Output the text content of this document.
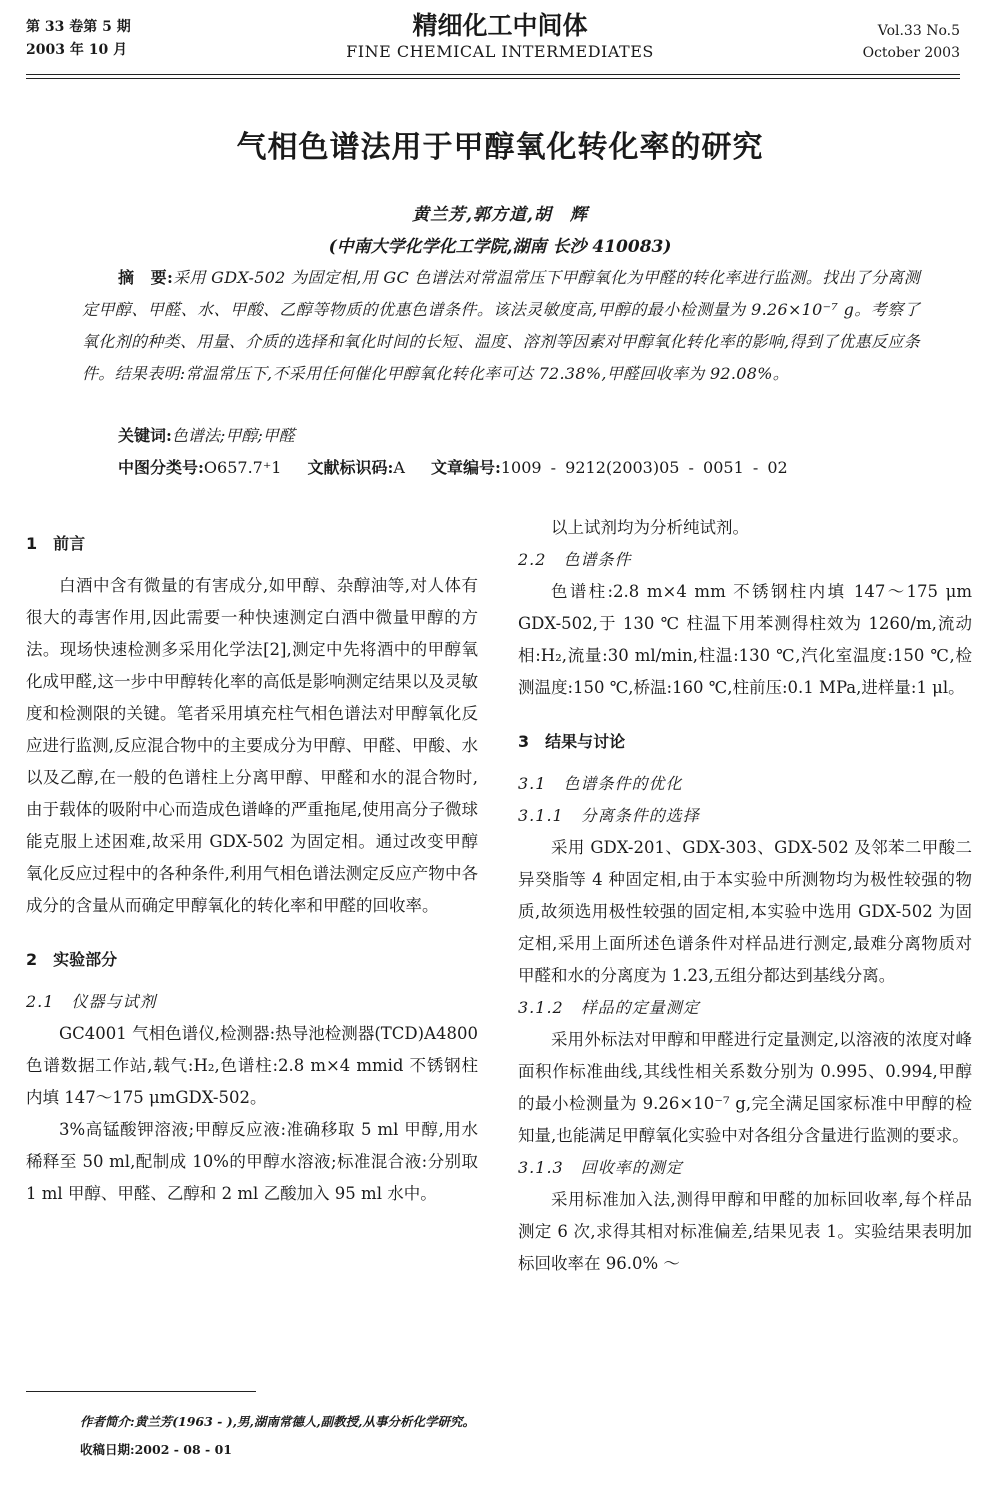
第 33 卷第 5 期
2003 年 10 月
精细化工中间体
FINE CHEMICAL INTERMEDIATES
Vol.33 No.5
October 2003
气相色谱法用于甲醇氧化转化率的研究
黄兰芳,郭方道,胡　辉
(中南大学化学化工学院,湖南 长沙 410083)
摘　要:采用 GDX-502 为固定相,用 GC 色谱法对常温常压下甲醇氧化为甲醛的转化率进行监测。找出了分离测定甲醇、甲醛、水、甲酸、乙醇等物质的优惠色谱条件。该法灵敏度高,甲醇的最小检测量为 9.26×10⁻⁷ g。考察了氧化剂的种类、用量、介质的选择和氧化时间的长短、温度、溶剂等因素对甲醇氧化转化率的影响,得到了优惠反应条件。结果表明:常温常压下,不采用任何催化甲醇氧化转化率可达 72.38%,甲醛回收率为 92.08%。
关键词:色谱法;甲醇;甲醛
中图分类号:O657.7⁺1 文献标识码:A 文章编号:1009 - 9212(2003)05 - 0051 - 02
1　前言

白酒中含有微量的有害成分,如甲醇、杂醇油等,对人体有很大的毒害作用,因此需要一种快速测定白酒中微量甲醇的方法。现场快速检测多采用化学法[2],测定中先将酒中的甲醇氧化成甲醛,这一步中甲醇转化率的高低是影响测定结果以及灵敏度和检测限的关键。笔者采用填充柱气相色谱法对甲醇氧化反应进行监测,反应混合物中的主要成分为甲醇、甲醛、甲酸、水以及乙醇,在一般的色谱柱上分离甲醇、甲醛和水的混合物时,由于载体的吸附中心而造成色谱峰的严重拖尾,使用高分子微球能克服上述困难,故采用 GDX-502 为固定相。通过改变甲醇氧化反应过程中的各种条件,利用气相色谱法测定反应产物中各成分的含量从而确定甲醇氧化的转化率和甲醛的回收率。

2　实验部分
2.1　仪器与试剂

GC4001 气相色谱仪,检测器:热导池检测器(TCD)A4800 色谱数据工作站,载气:H₂,色谱柱:2.8 m×4 mmid 不锈钢柱内填 147～175 μmGDX-502。

3%高锰酸钾溶液;甲醇反应液:准确移取 5 ml 甲醇,用水稀释至 50 ml,配制成 10%的甲醇水溶液;标准混合液:分别取 1 ml 甲醇、甲醛、乙醇和 2 ml 乙酸加入 95 ml 水中。

以上试剂均为分析纯试剂。

2.2　色谱条件

色谱柱:2.8 m×4 mm 不锈钢柱内填 147～175 μm GDX-502,于 130 ℃ 柱温下用苯测得柱效为 1260/m,流动相:H₂,流量:30 ml/min,柱温:130 ℃,汽化室温度:150 ℃,检测温度:150 ℃,桥温:160 ℃,柱前压:0.1 MPa,进样量:1 μl。

3　结果与讨论
3.1　色谱条件的优化
3.1.1　分离条件的选择

采用 GDX-201、GDX-303、GDX-502 及邻苯二甲酸二异癸脂等 4 种固定相,由于本实验中所测物均为极性较强的物质,故须选用极性较强的固定相,本实验中选用 GDX-502 为固定相,采用上面所述色谱条件对样品进行测定,最难分离物质对甲醛和水的分离度为 1.23,五组分都达到基线分离。

3.1.2　样品的定量测定

采用外标法对甲醇和甲醛进行定量测定,以溶液的浓度对峰面积作标准曲线,其线性相关系数分别为 0.995、0.994,甲醇的最小检测量为 9.26×10⁻⁷ g,完全满足国家标准中甲醇的检知量,也能满足甲醇氧化实验中对各组分含量进行监测的要求。

3.1.3　回收率的测定

采用标准加入法,测得甲醇和甲醛的加标回收率,每个样品测定 6 次,求得其相对标准偏差,结果见表 1。实验结果表明加标回收率在 96.0% ～

作者简介:黄兰芳(1963 - ),男,湖南常德人,副教授,从事分析化学研究。
收稿日期:2002 - 08 - 01
